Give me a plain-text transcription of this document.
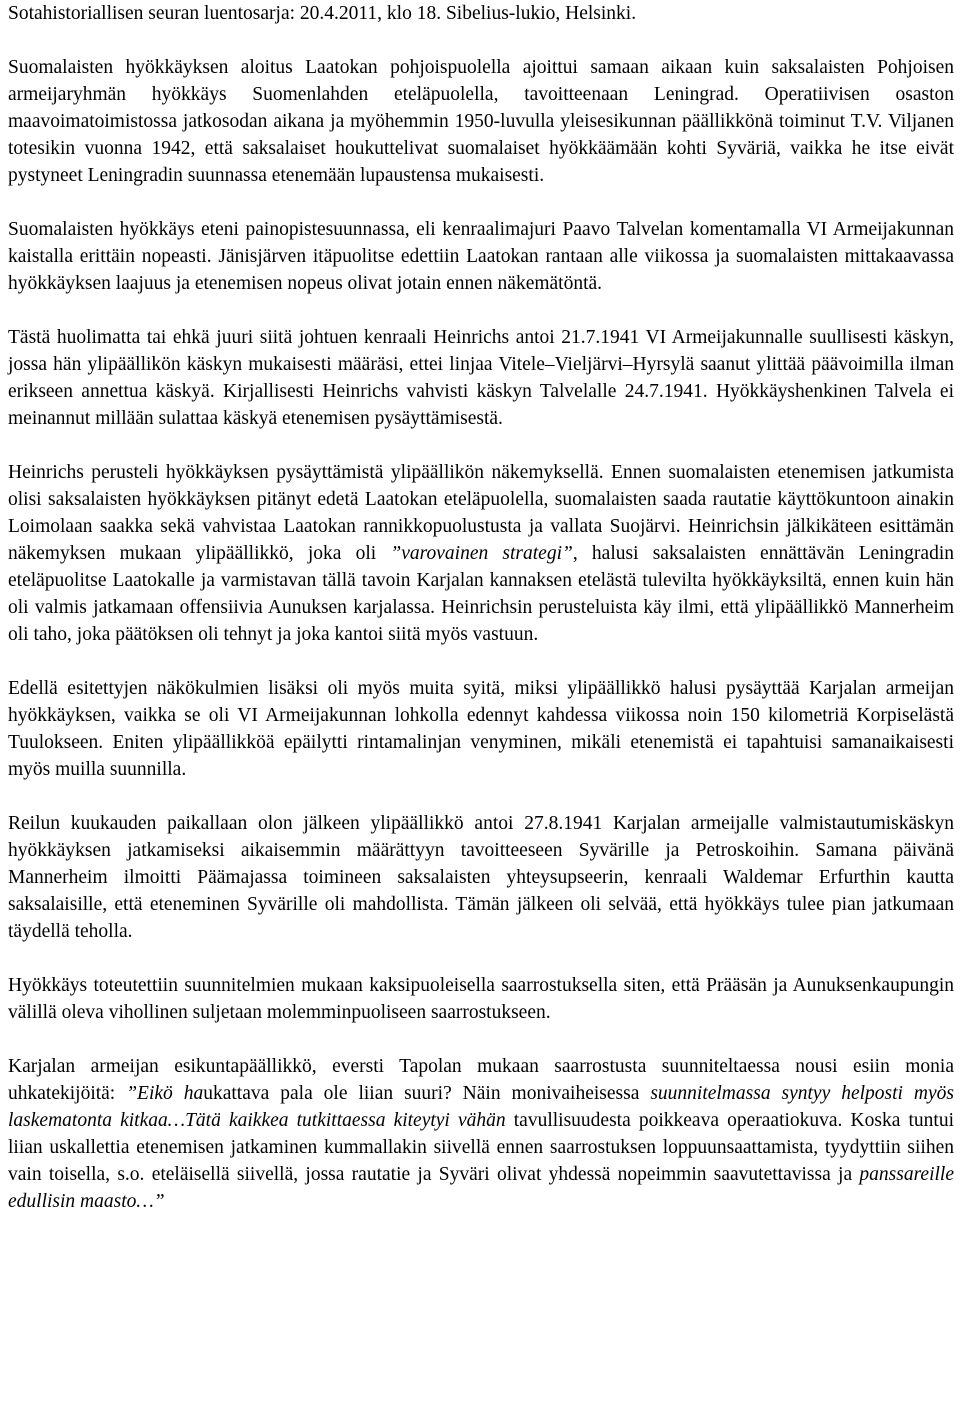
Sotahistoriallisen seuran luentosarja: 20.4.2011, klo 18. Sibelius-lukio, Helsinki.

Suomalaisten hyökkäyksen aloitus Laatokan pohjoispuolella ajoittui samaan aikaan kuin saksalaisten Pohjoisen armeijaryhmän hyökkäys Suomenlahden eteläpuolella, tavoitteenaan Leningrad. Operatiivisen osaston maavoimatoimistossa jatkosodan aikana ja myöhemmin 1950-luvulla yleisesikunnan päällikkönä toiminut T.V. Viljanen totesikin vuonna 1942, että saksalaiset houkuttelivat suomalaiset hyökkäämään kohti Syväriä, vaikka he itse eivät pystyneet Leningradin suunnassa etenemään lupaustensa mukaisesti.

Suomalaisten hyökkäys eteni painopistesuunnassa, eli kenraalimajuri Paavo Talvelan komentamalla VI Armeijakunnan kaistalla erittäin nopeasti. Jänisjärven itäpuolitse edettiin Laatokan rantaan alle viikossa ja suomalaisten mittakaavassa hyökkäyksen laajuus ja etenemisen nopeus olivat jotain ennen näkemätöntä.

Tästä huolimatta tai ehkä juuri siitä johtuen kenraali Heinrichs antoi 21.7.1941 VI Armeijakunnalle suullisesti käskyn, jossa hän ylipäällikön käskyn mukaisesti määräsi, ettei linjaa Vitele–Vieljärvi–Hyrsylä saanut ylittää päävoimilla ilman erikseen annettua käskyä. Kirjallisesti Heinrichs vahvisti käskyn Talvelalle 24.7.1941. Hyökkäyshenkinen Talvela ei meinannut millään sulattaa käskyä etenemisen pysäyttämisestä.

Heinrichs perusteli hyökkäyksen pysäyttämistä ylipäällikön näkemyksellä. Ennen suomalaisten etenemisen jatkumista olisi saksalaisten hyökkäyksen pitänyt edetä Laatokan eteläpuolella, suomalaisten saada rautatie käyttökuntoon ainakin Loimolaan saakka sekä vahvistaa Laatokan rannikkopuolustusta ja vallata Suojärvi. Heinrichsin jälkikäteen esittämän näkemyksen mukaan ylipäällikkö, joka oli ”varovainen strategi”, halusi saksalaisten ennättävän Leningradin eteläpuolitse Laatokalle ja varmistavan tällä tavoin Karjalan kannaksen etelästä tulevilta hyökkäyksiltä, ennen kuin hän oli valmis jatkamaan offensiivia Aunuksen karjalassa. Heinrichsin perusteluista käy ilmi, että ylipäällikkö Mannerheim oli taho, joka päätöksen oli tehnyt ja joka kantoi siitä myös vastuun.

Edellä esitettyjen näkökulmien lisäksi oli myös muita syitä, miksi ylipäällikkö halusi pysäyttää Karjalan armeijan hyökkäyksen, vaikka se oli VI Armeijakunnan lohkolla edennyt kahdessa viikossa noin 150 kilometriä Korpiselästä Tuulokseen. Eniten ylipäällikköä epäilytti rintamalinjan venyminen, mikäli etenemistä ei tapahtuisi samanaikaisesti myös muilla suunnilla.

Reilun kuukauden paikallaan olon jälkeen ylipäällikkö antoi 27.8.1941 Karjalan armeijalle valmistautumiskäskyn hyökkäyksen jatkamiseksi aikaisemmin määrättyyn tavoitteeseen Syvärille ja Petroskoihin. Samana päivänä Mannerheim ilmoitti Päämajassa toimineen saksalaisten yhteysupseerin, kenraali Waldemar Erfurthin kautta saksalaisille, että eteneminen Syvärille oli mahdollista. Tämän jälkeen oli selvää, että hyökkäys tulee pian jatkumaan täydellä teholla.

Hyökkäys toteutettiin suunnitelmien mukaan kaksipuoleisella saarrostuksella siten, että Prääsän ja Aunuksenkaupungin välillä oleva vihollinen suljetaan molemminpuoliseen saarrostukseen.

Karjalan armeijan esikuntapäällikkö, eversti Tapolan mukaan saarrostusta suunniteltaessa nousi esiin monia uhkatekijöitä: ”Eikö haukattava pala ole liian suuri? Näin monivaiheisessa suunnitelmassa syntyy helposti myös laskematonta kitkaa…Tätä kaikkea tutkittaessa kiteytyi vähän tavullisuudesta poikkeava operaatiokuva. Koska tuntui liian uskallettia etenemisen jatkaminen kummallakin siivellä ennen saarrostuksen loppuunsaattamista, tyydyttiin siihen vain toisella, s.o. eteläisellä siivellä, jossa rautatie ja Syväri olivat yhdessä nopeimmin saavutettavissa ja panssareille edullisin maasto…”
